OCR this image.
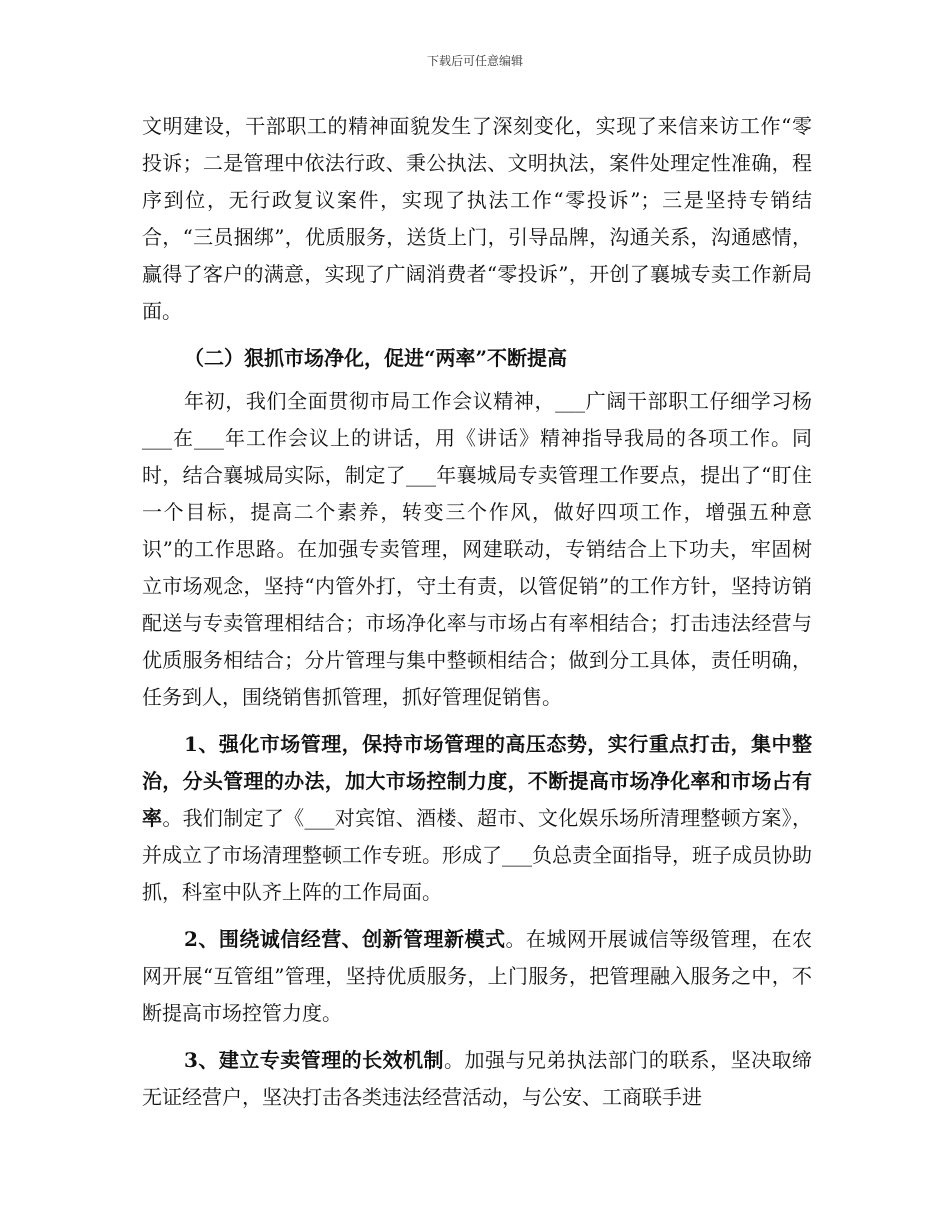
下载后可任意编辑

文明建设，干部职工的精神面貌发生了深刻变化，实现了来信来访工作“零投诉；二是管理中依法行政、秉公执法、文明执法，案件处理定性准确，程序到位，无行政复议案件，实现了执法工作“零投诉”；三是坚持专销结合，“三员捆绑”，优质服务，送货上门，引导品牌，沟通关系，沟通感情，赢得了客户的满意，实现了广阔消费者“零投诉”，开创了襄城专卖工作新局面。

（二）狠抓市场净化，促进“两率”不断提高

年初，我们全面贯彻市局工作会议精神，___广阔干部职工仔细学习杨___在___年工作会议上的讲话，用《讲话》精神指导我局的各项工作。同时，结合襄城局实际，制定了___年襄城局专卖管理工作要点，提出了“盯住一个目标，提高二个素养，转变三个作风，做好四项工作，增强五种意识”的工作思路。在加强专卖管理，网建联动，专销结合上下功夫，牢固树立市场观念，坚持“内管外打，守土有责，以管促销”的工作方针，坚持访销配送与专卖管理相结合；市场净化率与市场占有率相结合；打击违法经营与优质服务相结合；分片管理与集中整顿相结合；做到分工具体，责任明确，任务到人，围绕销售抓管理，抓好管理促销售。

1、强化市场管理，保持市场管理的高压态势，实行重点打击，集中整治，分头管理的办法，加大市场控制力度，不断提高市场净化率和市场占有率。我们制定了《___对宾馆、酒楼、超市、文化娱乐场所清理整顿方案》，并成立了市场清理整顿工作专班。形成了___负总责全面指导，班子成员协助抓，科室中队齐上阵的工作局面。

2、围绕诚信经营、创新管理新模式。在城网开展诚信等级管理，在农网开展“互管组”管理，坚持优质服务，上门服务，把管理融入服务之中，不断提高市场控管力度。

3、建立专卖管理的长效机制。加强与兄弟执法部门的联系，坚决取缔无证经营户，坚决打击各类违法经营活动，与公安、工商联手进
